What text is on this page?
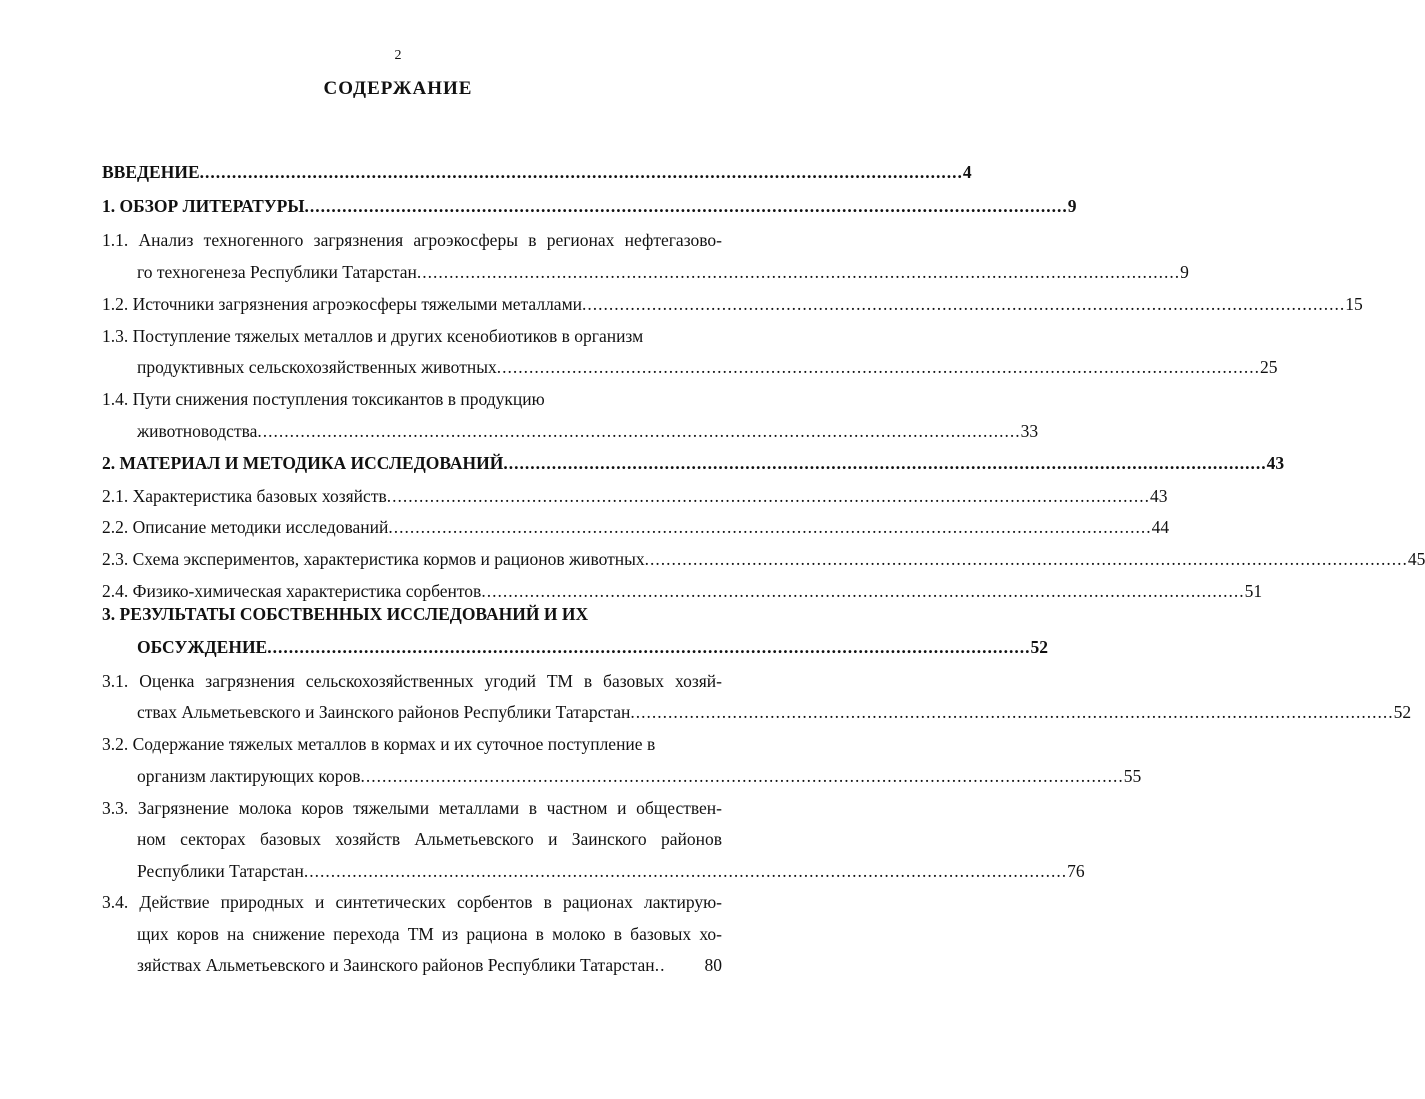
2
СОДЕРЖАНИЕ
ВВЕДЕНИЕ .............................................................................................................................................. 4
1. ОБЗОР ЛИТЕРАТУРЫ .............................................................................................................................................. 9
1.1. Анализ техногенного загрязнения агроэкосферы в регионах нефтегазово-
го техногенеза Республики Татарстан .............................................................................................................................................. 9
1.2. Источники загрязнения агроэкосферы тяжелыми металлами .............................................................................................................................................. 15
1.3. Поступление тяжелых металлов и других ксенобиотиков в организм
продуктивных сельскохозяйственных животных .............................................................................................................................................. 25
1.4. Пути снижения поступления токсикантов в продукцию
животноводства .............................................................................................................................................. 33
2. МАТЕРИАЛ И МЕТОДИКА ИССЛЕДОВАНИЙ .............................................................................................................................................. 43
2.1. Характеристика базовых хозяйств .............................................................................................................................................. 43
2.2. Описание методики исследований .............................................................................................................................................. 44
2.3. Схема экспериментов, характеристика кормов и рационов животных .............................................................................................................................................. 45
2.4. Физико-химическая характеристика сорбентов .............................................................................................................................................. 51
3. РЕЗУЛЬТАТЫ СОБСТВЕННЫХ ИССЛЕДОВАНИЙ И ИХ
ОБСУЖДЕНИЕ .............................................................................................................................................. 52
3.1. Оценка загрязнения сельскохозяйственных угодий ТМ в базовых хозяй-
ствах Альметьевского и Заинского районов Республики Татарстан .............................................................................................................................................. 52
3.2. Содержание тяжелых металлов в кормах и их суточное поступление в
организм лактирующих коров .............................................................................................................................................. 55
3.3. Загрязнение молока коров тяжелыми металлами в частном и обществен-
ном секторах базовых хозяйств Альметьевского и Заинского районов
Республики Татарстан .............................................................................................................................................. 76
3.4. Действие природных и синтетических сорбентов в рационах лактирую-
щих коров на снижение перехода ТМ из рациона в молоко в базовых хо-
зяйствах Альметьевского и Заинского районов Республики Татарстан ..	80
